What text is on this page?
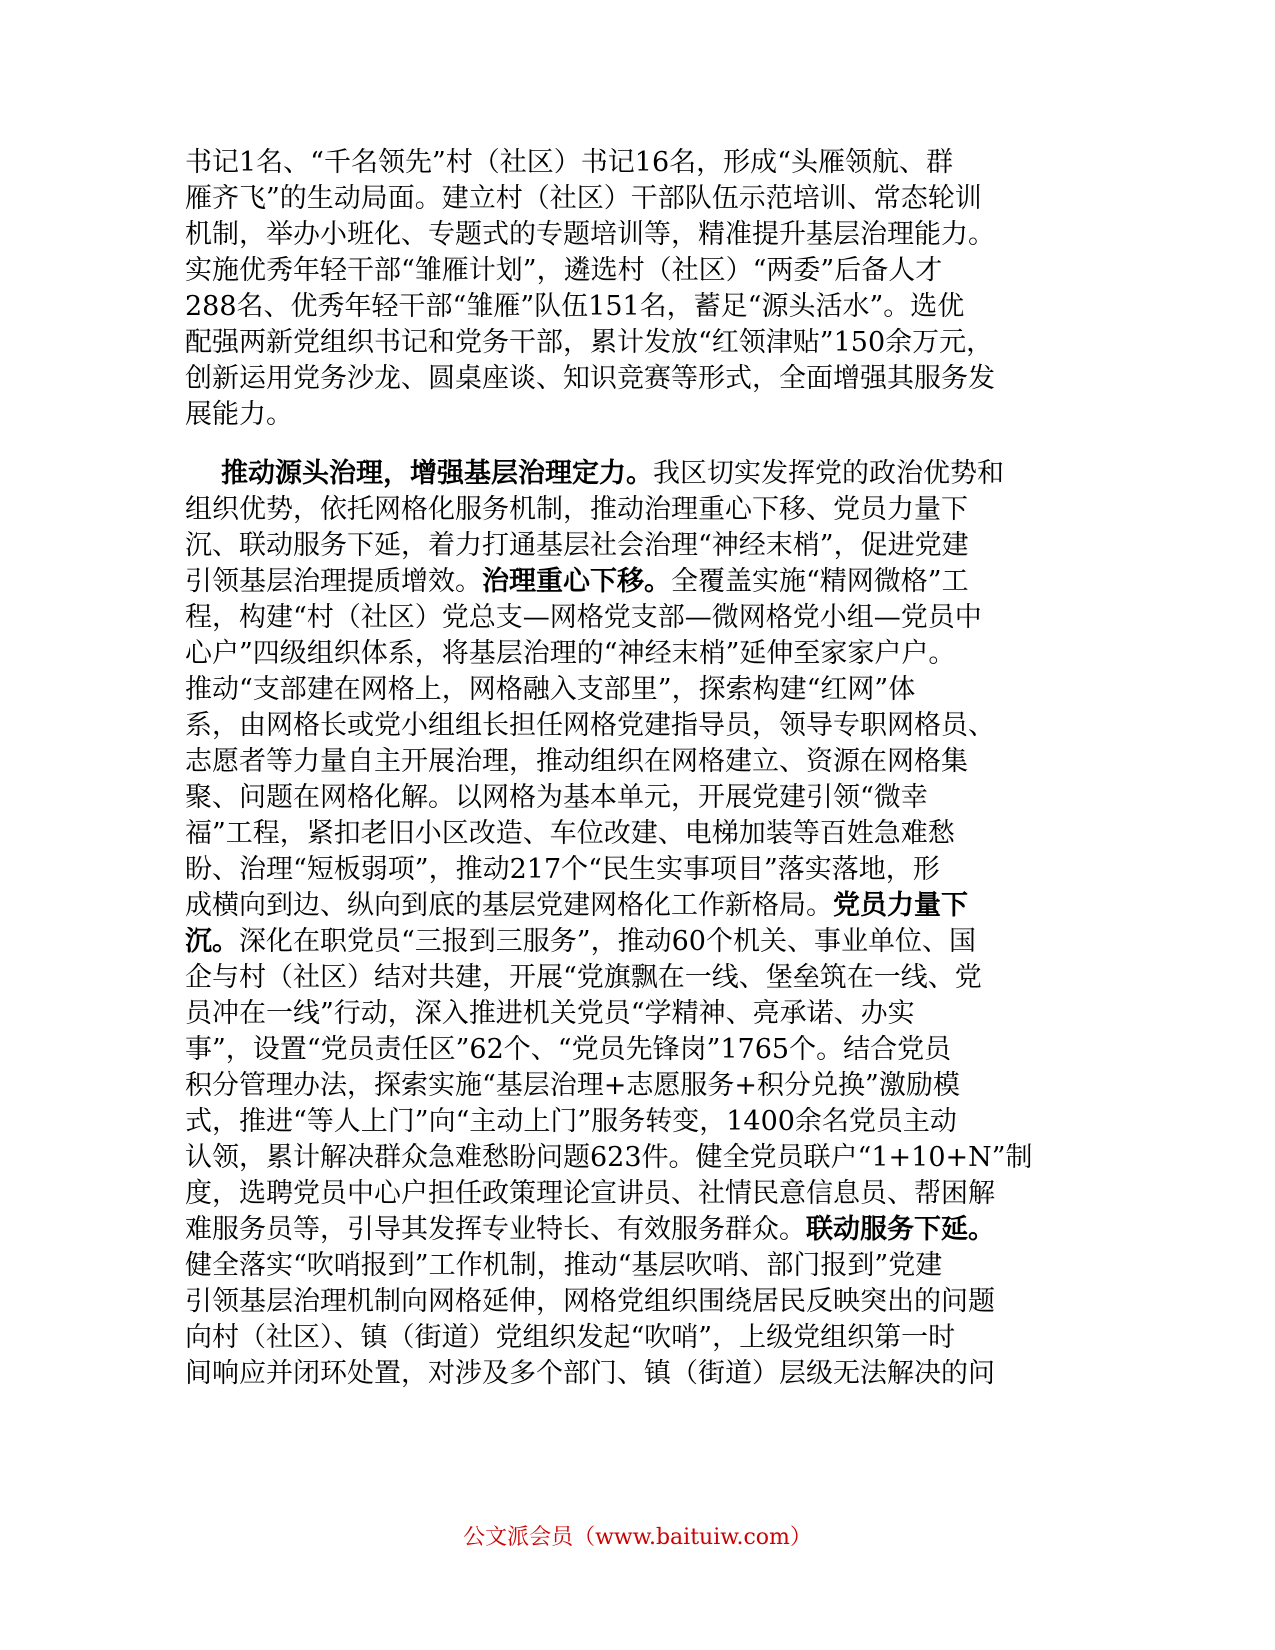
书记1名、“千名领先”村（社区）书记16名，形成“头雁领航、群
雁齐飞”的生动局面。建立村（社区）干部队伍示范培训、常态轮训
机制，举办小班化、专题式的专题培训等，精准提升基层治理能力。
实施优秀年轻干部“雏雁计划”，遴选村（社区）“两委”后备人才
288名、优秀年轻干部“雏雁”队伍151名，蓄足“源头活水”。选优
配强两新党组织书记和党务干部，累计发放“红领津贴”150余万元，
创新运用党务沙龙、圆桌座谈、知识竞赛等形式，全面增强其服务发
展能力。
推动源头治理，增强基层治理定力。我区切实发挥党的政治优势和
组织优势，依托网格化服务机制，推动治理重心下移、党员力量下
沉、联动服务下延，着力打通基层社会治理“神经末梢”，促进党建
引领基层治理提质增效。治理重心下移。全覆盖实施“精网微格”工
程，构建“村（社区）党总支—网格党支部—微网格党小组—党员中
心户”四级组织体系，将基层治理的“神经末梢”延伸至家家户户。
推动“支部建在网格上，网格融入支部里”，探索构建“红网”体
系，由网格长或党小组组长担任网格党建指导员，领导专职网格员、
志愿者等力量自主开展治理，推动组织在网格建立、资源在网格集
聚、问题在网格化解。以网格为基本单元，开展党建引领“微幸
福”工程，紧扣老旧小区改造、车位改建、电梯加装等百姓急难愁
盼、治理“短板弱项”，推动217个“民生实事项目”落实落地，形
成横向到边、纵向到底的基层党建网格化工作新格局。党员力量下
沉。深化在职党员“三报到三服务”，推动60个机关、事业单位、国
企与村（社区）结对共建，开展“党旗飘在一线、堡垒筑在一线、党
员冲在一线”行动，深入推进机关党员“学精神、亮承诺、办实
事”，设置“党员责任区”62个、“党员先锋岗”1765个。结合党员
积分管理办法，探索实施“基层治理+志愿服务+积分兑换”激励模
式，推进“等人上门”向“主动上门”服务转变，1400余名党员主动
认领，累计解决群众急难愁盼问题623件。健全党员联户“1+10+N”制
度，选聘党员中心户担任政策理论宣讲员、社情民意信息员、帮困解
难服务员等，引导其发挥专业特长、有效服务群众。联动服务下延。
健全落实“吹哨报到”工作机制，推动“基层吹哨、部门报到”党建
引领基层治理机制向网格延伸，网格党组织围绕居民反映突出的问题
向村（社区）、镇（街道）党组织发起“吹哨”，上级党组织第一时
间响应并闭环处置，对涉及多个部门、镇（街道）层级无法解决的问
公文派会员（www.baituiw.com）
